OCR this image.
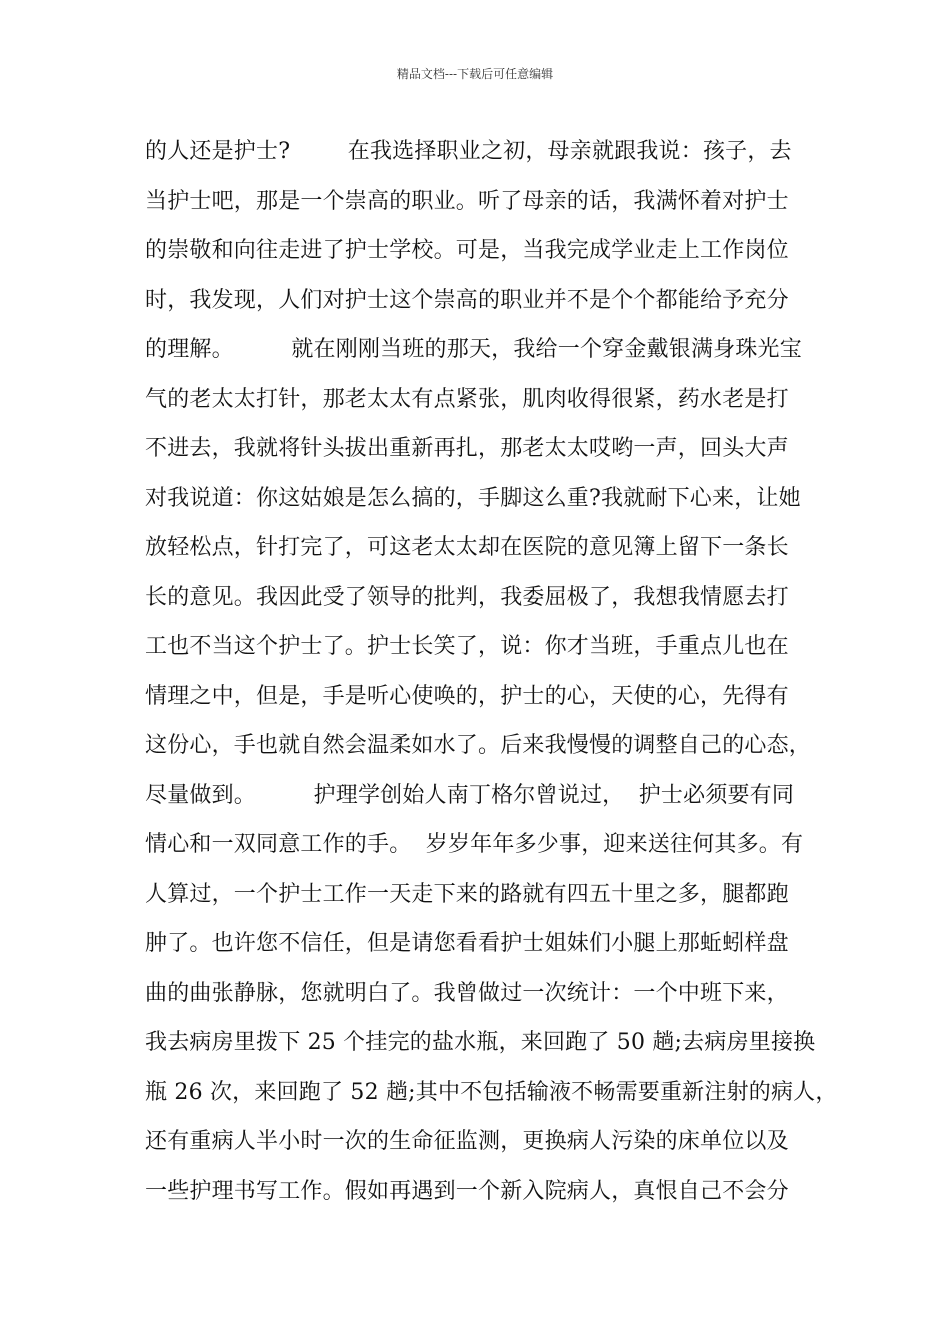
精品文档---下载后可任意编辑
的人还是护士?        在我选择职业之初，母亲就跟我说：孩子，去
当护士吧，那是一个崇高的职业。听了母亲的话，我满怀着对护士
的崇敬和向往走进了护士学校。可是，当我完成学业走上工作岗位
时，我发现，人们对护士这个崇高的职业并不是个个都能给予充分
的理解。        就在刚刚当班的那天，我给一个穿金戴银满身珠光宝
气的老太太打针，那老太太有点紧张，肌肉收得很紧，药水老是打
不进去，我就将针头拔出重新再扎，那老太太哎哟一声，回头大声
对我说道：你这姑娘是怎么搞的，手脚这么重?我就耐下心来，让她
放轻松点，针打完了，可这老太太却在医院的意见簿上留下一条长
长的意见。我因此受了领导的批判，我委屈极了，我想我情愿去打
工也不当这个护士了。护士长笑了，说：你才当班，手重点儿也在
情理之中，但是，手是听心使唤的，护士的心，天使的心，先得有
这份心，手也就自然会温柔如水了。后来我慢慢的调整自己的心态，
尽量做到。        护理学创始人南丁格尔曾说过，  护士必须要有同
情心和一双同意工作的手。  岁岁年年多少事，迎来送往何其多。有
人算过，一个护士工作一天走下来的路就有四五十里之多，腿都跑
肿了。也许您不信任，但是请您看看护士姐妹们小腿上那蚯蚓样盘
曲的曲张静脉，您就明白了。我曾做过一次统计：一个中班下来，
我去病房里拨下 25 个挂完的盐水瓶，来回跑了 50 趟;去病房里接换
瓶 26 次，来回跑了 52 趟;其中不包括输液不畅需要重新注射的病人，
还有重病人半小时一次的生命征监测，更换病人污染的床单位以及
一些护理书写工作。假如再遇到一个新入院病人，真恨自己不会分
